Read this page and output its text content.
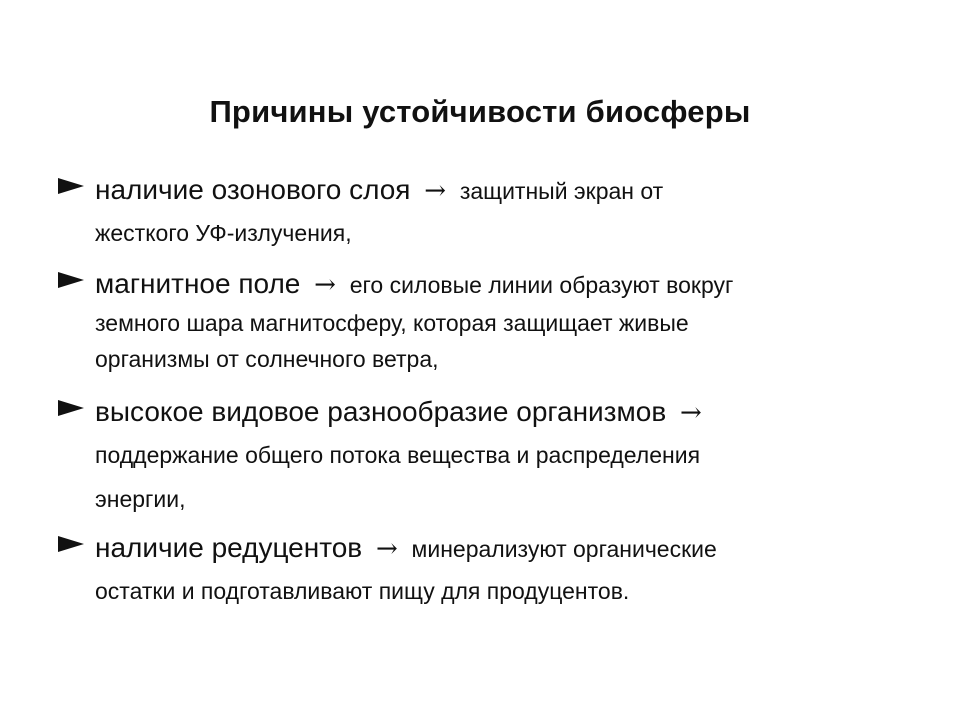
Причины устойчивости биосферы
наличие озонового слоя → защитный экран от
жесткого УФ-излучения,
магнитное поле → его силовые линии образуют вокруг
земного шара магнитосферу, которая защищает живые
организмы от солнечного ветра,
высокое видовое разнообразие организмов →
поддержание общего потока вещества и распределения
энергии,
наличие редуцентов → минерализуют органические
остатки и подготавливают пищу для продуцентов.
